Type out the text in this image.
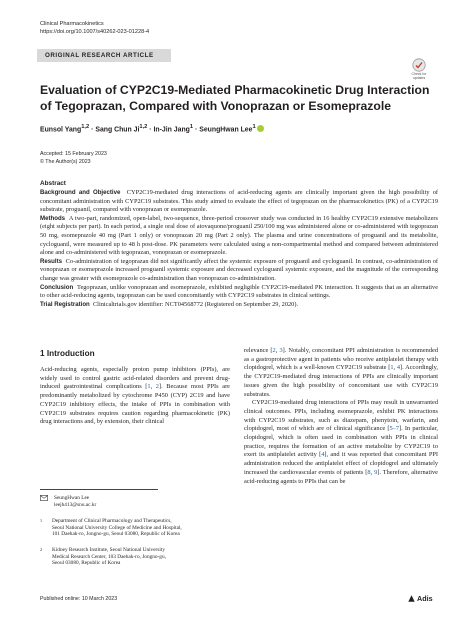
Clinical Pharmacokinetics
https://doi.org/10.1007/s40262-023-01228-4
ORIGINAL RESEARCH ARTICLE
Check for
updates
Evaluation of CYP2C19-Mediated Pharmacokinetic Drug Interaction of Tegoprazan, Compared with Vonoprazan or Esomeprazole
Eunsol Yang$^{1,2}$ · Sang Chun Ji$^{1,2}$ · In-Jin Jang$^1$ · SeungHwan Lee$^1$
Accepted: 15 February 2023
© The Author(s) 2023
Abstract

Background and Objective CYP2C19-mediated drug interactions of acid-reducing agents are clinically important given the high possibility of concomitant administration with CYP2C19 substrates. This study aimed to evaluate the effect of tegoprazan on the pharmacokinetics (PK) of a CYP2C19 substrate, proguanil, compared with vonoprazan or esomeprazole.

Methods A two-part, randomized, open-label, two-sequence, three-period crossover study was conducted in 16 healthy CYP2C19 extensive metabolizers (eight subjects per part). In each period, a single oral dose of atovaquone/proguanil 250/100 mg was administered alone or co-administered with tegoprazan 50 mg, esomeprazole 40 mg (Part 1 only) or vonoprazan 20 mg (Part 2 only). The plasma and urine concentrations of proguanil and its metabolite, cycloguanil, were measured up to 48 h post-dose. PK parameters were calculated using a non-compartmental method and compared between administered alone and co-administered with tegoprazan, vonoprazan or esomeprazole.

Results Co-administration of tegoprazan did not significantly affect the systemic exposure of proguanil and cycloguanil. In contrast, co-administration of vonoprazan or esomeprazole increased proguanil systemic exposure and decreased cycloguanil systemic exposure, and the magnitude of the corresponding change was greater with esomeprazole co-administration than vonoprazan co-administration.

Conclusion Tegoprazan, unlike vonoprazan and esomeprazole, exhibited negligible CYP2C19-mediated PK interaction. It suggests that as an alternative to other acid-reducing agents, tegoprazan can be used concomitantly with CYP2C19 substrates in clinical settings.

Trial Registration Clinicaltrials.gov identifier: NCT04568772 (Registered on September 29, 2020).

1 Introduction
Acid-reducing agents, especially proton pump inhibitors (PPIs), are widely used to control gastric acid-related disorders and prevent drug-induced gastrointestinal complications [1, 2]. Because most PPIs are predominantly metabolized by cytochrome P450 (CYP) 2C19 and have CYP2C19 inhibitory effects, the intake of PPIs in combination with CYP2C19 substrates requires caution regarding pharmacokinetic (PK) drug interactions and, by extension, their clinical

relevance [2, 3]. Notably, concomitant PPI administration is recommended as a gastroprotective agent in patients who receive antiplatelet therapy with clopidogrel, which is a well-known CYP2C19 substrate [1, 4]. Accordingly, the CYP2C19-mediated drug interactions of PPIs are clinically important issues given the high possibility of concomitant use with CYP2C19 substrates.

CYP2C19-mediated drug interactions of PPIs may result in unwarranted clinical outcomes. PPIs, including esomeprazole, exhibit PK interactions with CYP2C19 substrates, such as diazepam, phenytoin, warfarin, and clopidogrel, most of which are of clinical significance [5–7]. In particular, clopidogrel, which is often used in combination with PPIs in clinical practice, requires the formation of an active metabolite by CYP2C19 to exert its antiplatelet activity [4], and it was reported that concomitant PPI administration reduced the antiplatelet effect of clopidogrel and ultimately increased the cardiovascular events of patients [8, 9]. Therefore, alternative acid-reducing agents to PPIs that can be

SeungHwan Lee
leejh413@snu.ac.kr
1 Department of Clinical Pharmacology and Therapeutics,
Seoul National University College of Medicine and Hospital,
101 Daehak-ro, Jongno-gu, Seoul 03080, Republic of Korea
2 Kidney Research Institute, Seoul National University
Medical Research Center, 103 Daehak-ro, Jongno-gu,
Seoul 03080, Republic of Korea
Published online: 10 March 2023	Adis
